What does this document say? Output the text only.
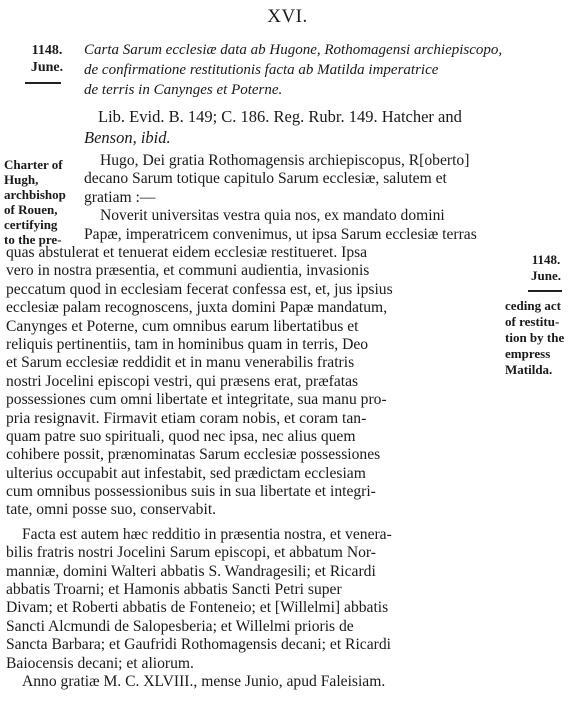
XVI.
1148.
June.
Carta Sarum ecclesiæ data ab Hugone, Rothomagensi archiepiscopo,
de confirmatione restitutionis facta ab Matilda imperatrice
de terris in Canynges et Poterne.
Lib. Evid. B. 149; C. 186. Reg. Rubr. 149. Hatcher and
Benson, ibid.
Charter of
Hugh,
archbishop
of Rouen,
certifying
to the pre-
1148.
June.
ceding act
of restitu-
tion by the
empress
Matilda.
Hugo, Dei gratia Rothomagensis archiepiscopus, R[oberto]
decano Sarum totique capitulo Sarum ecclesiæ, salutem et
gratiam :—
Noverit universitas vestra quia nos, ex mandato domini
Papæ, imperatricem convenimus, ut ipsa Sarum ecclesiæ terras
quas abstulerat et tenuerat eidem ecclesiæ restitueret. Ipsa
vero in nostra præsentia, et communi audientia, invasionis
peccatum quod in ecclesiam fecerat confessa est, et, jus ipsius
ecclesiæ palam recognoscens, juxta domini Papæ mandatum,
Canynges et Poterne, cum omnibus earum libertatibus et
reliquis pertinentiis, tam in hominibus quam in terris, Deo
et Sarum ecclesiæ reddidit et in manu venerabilis fratris
nostri Jocelini episcopi vestri, qui præsens erat, præfatas
possessiones cum omni libertate et integritate, sua manu pro-
pria resignavit. Firmavit etiam coram nobis, et coram tan-
quam patre suo spirituali, quod nec ipsa, nec alius quem
cohibere possit, prænominatas Sarum ecclesiæ possessiones
ulterius occupabit aut infestabit, sed prædictam ecclesiam
cum omnibus possessionibus suis in sua libertate et integri-
tate, omni posse suo, conservabit.
Facta est autem hæc redditio in præsentia nostra, et venera-
bilis fratris nostri Jocelini Sarum episcopi, et abbatum Nor-
manniæ, domini Walteri abbatis S. Wandragesili; et Ricardi
abbatis Troarni; et Hamonis abbatis Sancti Petri super
Divam; et Roberti abbatis de Fonteneio; et [Willelmi] abbatis
Sancti Alcmundi de Salopesberia; et Willelmi prioris de
Sancta Barbara; et Gaufridi Rothomagensis decani; et Ricardi
Baiocensis decani; et aliorum.
Anno gratiæ M. C. XLVIII., mense Junio, apud Faleisiam.
